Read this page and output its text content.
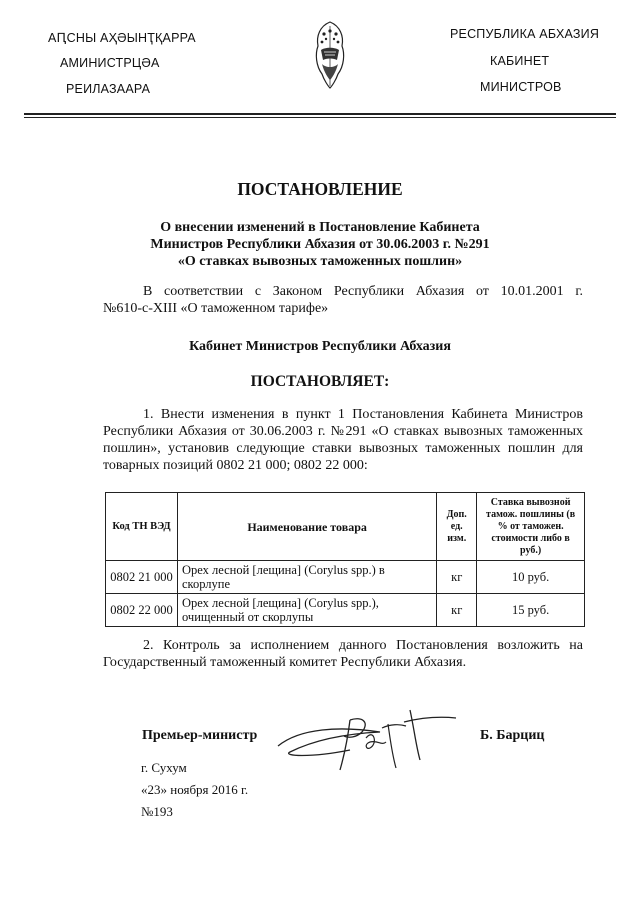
АԤСНЫ АҲӘЫНҬҚАРРА
АМИНИСТРЦӘА
РЕИЛАЗААРА
РЕСПУБЛИКА АБХАЗИЯ
КАБИНЕТ
МИНИСТРОВ
ПОСТАНОВЛЕНИЕ
О внесении изменений в Постановление Кабинета
Министров Республики Абхазия от 30.06.2003 г. №291
«О ставках вывозных таможенных пошлин»
В соответствии с Законом Республики Абхазия от 10.01.2001 г.
№610-с-XIII «О таможенном тарифе»
Кабинет Министров Республики Абхазия
ПОСТАНОВЛЯЕТ:
1. Внести изменения в пункт 1 Постановления Кабинета Министров Республики Абхазия от 30.06.2003 г. №291 «О ставках вывозных таможенных пошлин», установив следующие ставки вывозных таможенных пошлин для товарных позиций 0802 21 000; 0802 22 000:
Код ТН ВЭД	Наименование товара	Доп. ед. изм.	Ставка вывозной тамож. пошлины (в % от таможен. стоимости либо в руб.)
0802 21 000	Орех лесной [лещина] (Corylus spp.) в скорлупе	кг	10 руб.
0802 22 000	Орех лесной [лещина] (Corylus spp.), очищенный от скорлупы	кг	15 руб.
2. Контроль за исполнением данного Постановления возложить на Государственный таможенный комитет Республики Абхазия.
Премьер-министр	Б. Барциц
г. Сухум
«23» ноября 2016 г.
№193
